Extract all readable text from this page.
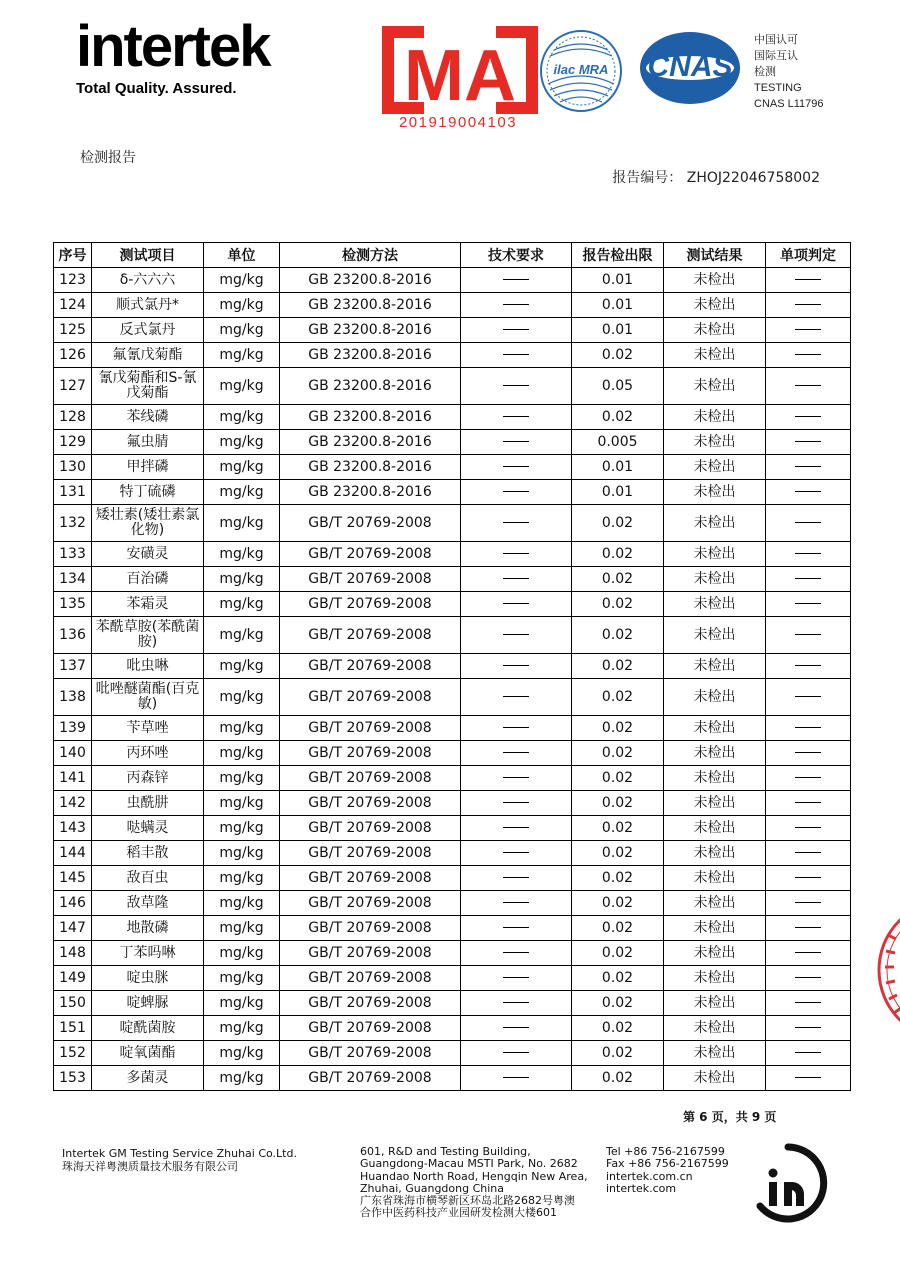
intertek
Total Quality. Assured.	MA
201919004103
ilac MRA CNAS
中国认可
国际互认
检测
TESTING
CNAS L11796
检测报告
报告编号： ZHOJ22046758002
序号	测试项目	单位	检测方法	技术要求	报告检出限	测试结果	单项判定
123	δ-六六六	mg/kg	GB 23200.8-2016		0.01	未检出	
124	顺式氯丹*	mg/kg	GB 23200.8-2016		0.01	未检出	
125	反式氯丹	mg/kg	GB 23200.8-2016		0.01	未检出	
126	氟氰戊菊酯	mg/kg	GB 23200.8-2016		0.02	未检出	
127	氰戊菊酯和S-氰戊菊酯	mg/kg	GB 23200.8-2016		0.05	未检出	
128	苯线磷	mg/kg	GB 23200.8-2016		0.02	未检出	
129	氟虫腈	mg/kg	GB 23200.8-2016		0.005	未检出	
130	甲拌磷	mg/kg	GB 23200.8-2016		0.01	未检出	
131	特丁硫磷	mg/kg	GB 23200.8-2016		0.01	未检出	
132	矮壮素(矮壮素氯化物)	mg/kg	GB/T 20769-2008		0.02	未检出	
133	安磺灵	mg/kg	GB/T 20769-2008		0.02	未检出	
134	百治磷	mg/kg	GB/T 20769-2008		0.02	未检出	
135	苯霜灵	mg/kg	GB/T 20769-2008		0.02	未检出	
136	苯酰草胺(苯酰菌胺)	mg/kg	GB/T 20769-2008		0.02	未检出	
137	吡虫啉	mg/kg	GB/T 20769-2008		0.02	未检出	
138	吡唑醚菌酯(百克敏)	mg/kg	GB/T 20769-2008		0.02	未检出	
139	苄草唑	mg/kg	GB/T 20769-2008		0.02	未检出	
140	丙环唑	mg/kg	GB/T 20769-2008		0.02	未检出	
141	丙森锌	mg/kg	GB/T 20769-2008		0.02	未检出	
142	虫酰肼	mg/kg	GB/T 20769-2008		0.02	未检出	
143	哒螨灵	mg/kg	GB/T 20769-2008		0.02	未检出	
144	稻丰散	mg/kg	GB/T 20769-2008		0.02	未检出	
145	敌百虫	mg/kg	GB/T 20769-2008		0.02	未检出	
146	敌草隆	mg/kg	GB/T 20769-2008		0.02	未检出	
147	地散磷	mg/kg	GB/T 20769-2008		0.02	未检出	
148	丁苯吗啉	mg/kg	GB/T 20769-2008		0.02	未检出	
149	啶虫脒	mg/kg	GB/T 20769-2008		0.02	未检出	
150	啶蜱脲	mg/kg	GB/T 20769-2008		0.02	未检出	
151	啶酰菌胺	mg/kg	GB/T 20769-2008		0.02	未检出	
152	啶氧菌酯	mg/kg	GB/T 20769-2008		0.02	未检出	
153	多菌灵	mg/kg	GB/T 20769-2008		0.02	未检出	
第 6 页，共 9 页
Intertek GM Testing Service Zhuhai Co.Ltd.
珠海天祥粤澳质量技术服务有限公司
601, R&D and Testing Building,
Guangdong-Macau MSTI Park, No. 2682
Huandao North Road, Hengqin New Area,
Zhuhai, Guangdong China
广东省珠海市横琴新区环岛北路2682号粤澳
合作中医药科技产业园研发检测大楼601
Tel +86 756-2167599
Fax +86 756-2167599
intertek.com.cn
intertek.com
